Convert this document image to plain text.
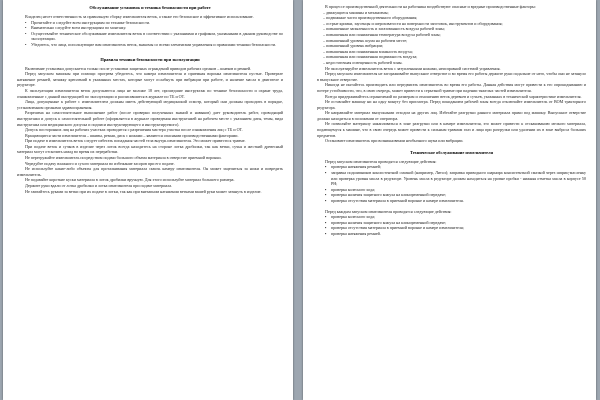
Обслуживание установок и техника безопасности при работе

Владелец несет ответственность за правильную сборку измельчителя веток, а также его безопасное и эффективное использование.

• Прочитайте и следуйте всем инструкциям по технике безопасности.
• Внимательно следуйте всем инструкциям по монтажу.
• Осуществляйте техническое обслуживание измельчителя веток в соответствии с указаниями и графиком, указанными в данном руководстве по эксплуатации.
• Убедитесь, что лица, использующие вам измельчитель веток, знакомы со всеми элементами управления и правилами техники безопасности.
Правила техники безопасности при эксплуатации

Включение установки допускается только после установки защитных ограждений приводов рабочих органов – шнеков и ремней.

Перед запуском машины при помощи прогрева убедитесь, что камера измельчителя и приемная воронка измельчителя пустые. Проверьте натяжение ремней, затяжку креплений в указанных местах, которые могут ослабнуть при вибрации при работе, и наличие масла в двигателе и редукторе.

К эксплуатации измельчителя веток допускаются лица не моложе 18 лет, прошедшие инструктаж по технике безопасности и охране труда, ознакомленные с данной инструкцией по эксплуатации и расписавшиеся в журнале по ТБ и ОТ.

Лица, допущенные к работе с измельчителем должны иметь действующий медицинский осмотр, который они должны проходить в порядке, установленном органами здравоохранения.

Разрешена на самостоятельное выполнение работ (после проверки полученных знаний и навыков) дает руководитель работ, проводящий инструктажи и допуск к самостоятельной работе (оформляется в журнале проведения инструктажей на рабочем месте с указанием даты, темы, вида инструктажа или медицинского допуска и подписи инструктирующего и инструктируемого).

Допуск посторонних лиц на рабочих участках проводится с разрешения мастера участка после ознакомления лиц с ТБ и ОТ.

Вращающиеся части измельчителя – шкивы, ремни, диск с ножами – являются опасными производственными факторами.

При подаче в измельчитель веток следует избегать попадания частей тела внутрь измельчителя. Это может привести к травме.

При подаче веток и сучков в изделие через лоток всегда находитесь на стороне лотка дробилки, так как ветки, сучья и жесткий древесный материал могут отскочить назад во время их переработки.

Не перегружайте измельчитель посредством подачи большого объема материала в отверстие приемной воронки.

Чередуйте подачу влажного и сухого материала во избежание засоров при его подаче.

Не используйте какие-либо объекты для проталкивания материала сквозь камеру измельчителя. Он может зацепиться за ножи и повредить измельчитель.

Не подавайте короткие куски материала в лоток дробилки вручную. Для этого используйте материал большего размера.

Держите руки вдали от лотка дробилки и лотка измельчителя при подаче материала.

Не хватайтесь руками за ветки при их подаче в лотки, так как при внезапном натяжении ветками вашей руки может затянуть в изделие.

В процессе производственной деятельности на работника воздействуют опасные и вредные производственные факторы:

– движущиеся машины и механизмы;
– подвижные части производственного оборудования;
– острые кромки, заусенцы и шероховатости на поверхности заготовок, инструментов и оборудования;
– повышенные запыленность и загазованность воздуха рабочей зоны;
– повышенная или пониженная температура воздуха рабочей зоны;
– повышенный уровень шума на рабочем месте;
– повышенный уровень вибрации;
– повышенная или пониженная влажность воздуха;
– повышенная или пониженная подвижность воздуха;
– недостаточная освещенность рабочей зоны.

Не эксплуатируйте измельчитель веток с затупленными ножами, неисправной системой управления.

Перед запуском измельчителя не загораживайте выпускное отверстие и во время его работы держите руки подальше от него, чтобы они не затянуло в выпускное отверстие.

Никогда не пытайтесь производить или передвигать измельчитель во время его работы. Данная действия могут привести к его опрокидыванию и потере устойчивости, что, в свою очередь, может привести к серьезной травме при падении тяжелых частей измельчителя.

Всегда придерживайтесь ограничений по размерам и отношению веток деревьев и сучьев, указанных в технической характеристике измельчителя.

Не оставляйте машину ни на одну минуту без присмотра. Перед покиданием рабочей зоны всегда отключайте измельчитель от ВОМ тракторного редуктора.

Не направляйте материал выпускными отходом на других лиц. Избегайте разгрузки данного материала прямо под машину. Выпускное отверстие должно находиться в положении от оператора.

Не позволяйте материалу накапливаться в зоне разгрузки или в камере измельчителя, это может привести к отскакиванию мелкого материала, подающемуся к машине, что в свою очередь может привести к сильным травмам глаз и лица при разгрузки или удалении их в зоне выброса больших предметов.

Остановите измельчитель при возникновении необычного шума или вибрации.

Техническое обслуживание измельчителя

Перед запуском измельчителя проводятся следующие действия:

▪ проверка натяжения ремней;
▪ заправка подшипников консистентной смазкой (например, Литол); заправка приводного шарнира консистентной смазкой через шприц-масленку или проверка уровня масла в редукторе. Уровень масла в редукторе должен находиться на уровне пробки - нижняя отметка масла в корпусе 50 PH;
▪ проверка колесного хода;
▪ проверка наличия защитного кожуха на клиноременной передаче;
▪ проверка отсутствия материала в приемной воронке и камере измельчителя.

Перед каждым запуском измельчителя проводятся следующие действия:

▪ проверка колесного хода;
▪ проверка наличия защитного кожуха на клиноременной передаче;
▪ проверка отсутствия материала в приемной воронке и камере измельчителя;
▪ проверка натяжения ремней.
